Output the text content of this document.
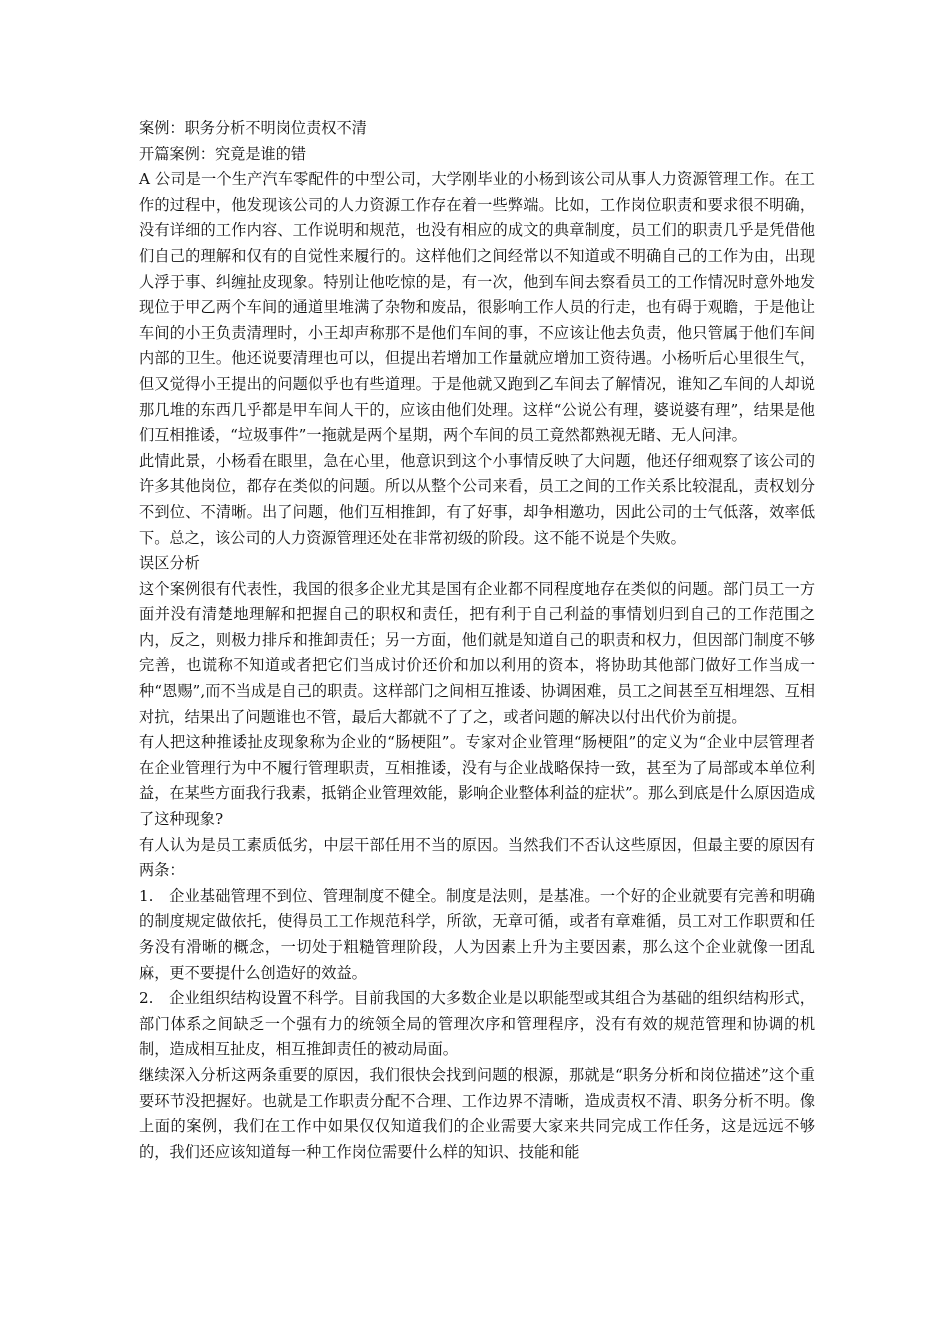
案例：职务分析不明岗位责权不清

开篇案例：究竟是谁的错

A 公司是一个生产汽车零配件的中型公司，大学刚毕业的小杨到该公司从事人力资源管理工作。在工作的过程中，他发现该公司的人力资源工作存在着一些弊端。比如，工作岗位职责和要求很不明确，没有详细的工作内容、工作说明和规范，也没有相应的成文的典章制度，员工们的职责几乎是凭借他们自己的理解和仅有的自觉性来履行的。这样他们之间经常以不知道或不明确自己的工作为由，出现人浮于事、纠缠扯皮现象。特别让他吃惊的是，有一次，他到车间去察看员工的工作情况时意外地发现位于甲乙两个车间的通道里堆满了杂物和废品，很影响工作人员的行走，也有碍于观瞻，于是他让车间的小王负责清理时，小王却声称那不是他们车间的事，不应该让他去负责，他只管属于他们车间内部的卫生。他还说要清理也可以，但提出若增加工作量就应增加工资待遇。小杨听后心里很生气，但又觉得小王提出的问题似乎也有些道理。于是他就又跑到乙车间去了解情况，谁知乙车间的人却说那几堆的东西几乎都是甲车间人干的，应该由他们处理。这样“公说公有理，婆说婆有理”，结果是他们互相推诿，“垃圾事件”一拖就是两个星期，两个车间的员工竟然都熟视无睹、无人问津。

此情此景，小杨看在眼里，急在心里，他意识到这个小事情反映了大问题，他还仔细观察了该公司的许多其他岗位，都存在类似的问题。所以从整个公司来看，员工之间的工作关系比较混乱，责权划分不到位、不清晰。出了问题，他们互相推卸，有了好事，却争相邀功，因此公司的士气低落，效率低下。总之，该公司的人力资源管理还处在非常初级的阶段。这不能不说是个失败。

误区分析

这个案例很有代表性，我国的很多企业尤其是国有企业都不同程度地存在类似的问题。部门员工一方面并没有清楚地理解和把握自己的职权和责任，把有利于自己利益的事情划归到自己的工作范围之内，反之，则极力排斥和推卸责任；另一方面，他们就是知道自己的职责和权力，但因部门制度不够完善，也谎称不知道或者把它们当成讨价还价和加以利用的资本，将协助其他部门做好工作当成一种“恩赐”,而不当成是自己的职责。这样部门之间相互推诿、协调困难，员工之间甚至互相埋怨、互相对抗，结果出了问题谁也不管，最后大都就不了了之，或者问题的解决以付出代价为前提。

有人把这种推诿扯皮现象称为企业的“肠梗阻”。专家对企业管理“肠梗阻”的定义为“企业中层管理者在企业管理行为中不履行管理职责，互相推诿，没有与企业战略保持一致，甚至为了局部或本单位利益，在某些方面我行我素，抵销企业管理效能，影响企业整体利益的症状”。那么到底是什么原因造成了这种现象?

有人认为是员工素质低劣，中层干部任用不当的原因。当然我们不否认这些原因，但最主要的原因有两条：

1.　企业基础管理不到位、管理制度不健全。制度是法则，是基准。一个好的企业就要有完善和明确的制度规定做依托，使得员工工作规范科学，所欲，无章可循，或者有章难循，员工对工作职贾和任务没有滑晰的概念，一切处于粗糙管理阶段，人为因素上升为主要因素，那么这个企业就像一团乱麻，更不要提什么创造好的效益。

2.　企业组织结构设置不科学。目前我国的大多数企业是以职能型或其组合为基础的组织结构形式，部门体系之间缺乏一个强有力的统领全局的管理次序和管理程序，没有有效的规范管理和协调的机制，造成相互扯皮，相互推卸责任的被动局面。

继续深入分析这两条重要的原因，我们很快会找到问题的根源，那就是“职务分析和岗位描述”这个重要环节没把握好。也就是工作职责分配不合理、工作边界不清晰，造成责权不清、职务分析不明。像上面的案例，我们在工作中如果仅仅知道我们的企业需要大家来共同完成工作任务，这是远远不够的，我们还应该知道每一种工作岗位需要什么样的知识、技能和能
